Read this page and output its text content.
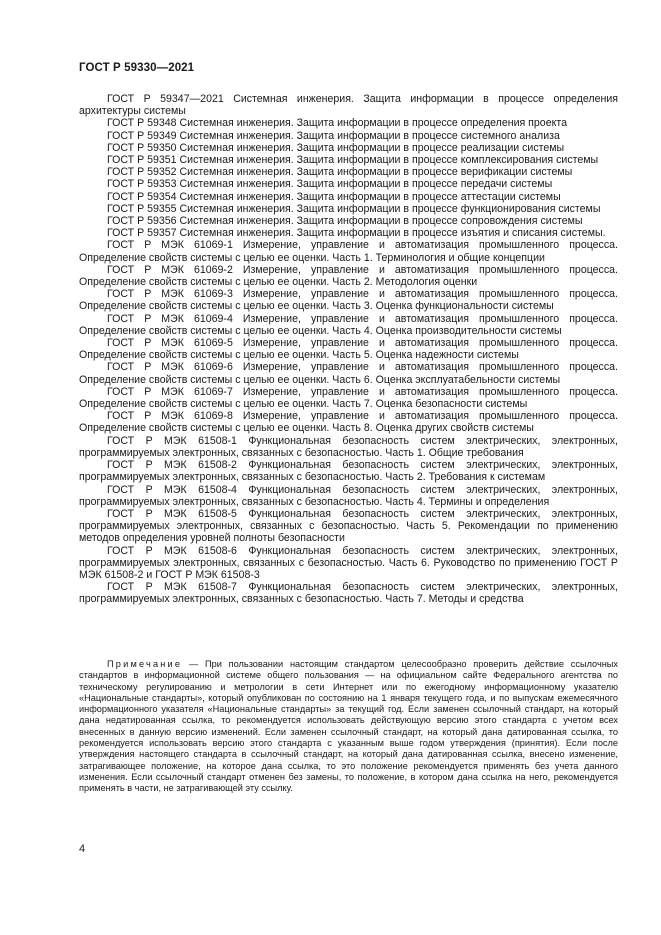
ГОСТ Р 59330—2021

ГОСТ Р 59347—2021 Системная инженерия. Защита информации в процессе определения архитектуры системы

ГОСТ Р 59348 Системная инженерия. Защита информации в процессе определения проекта

ГОСТ Р 59349 Системная инженерия. Защита информации в процессе системного анализа

ГОСТ Р 59350 Системная инженерия. Защита информации в процессе реализации системы

ГОСТ Р 59351 Системная инженерия. Защита информации в процессе комплексирования системы

ГОСТ Р 59352 Системная инженерия. Защита информации в процессе верификации системы

ГОСТ Р 59353 Системная инженерия. Защита информации в процессе передачи системы

ГОСТ Р 59354 Системная инженерия. Защита информации в процессе аттестации системы

ГОСТ Р 59355 Системная инженерия. Защита информации в процессе функционирования системы

ГОСТ Р 59356 Системная инженерия. Защита информации в процессе сопровождения системы

ГОСТ Р 59357 Системная инженерия. Защита информации в процессе изъятия и списания системы.

ГОСТ Р МЭК 61069-1 Измерение, управление и автоматизация промышленного процесса. Определение свойств системы с целью ее оценки. Часть 1. Терминология и общие концепции

ГОСТ Р МЭК 61069-2 Измерение, управление и автоматизация промышленного процесса. Определение свойств системы с целью ее оценки. Часть 2. Методология оценки

ГОСТ Р МЭК 61069-3 Измерение, управление и автоматизация промышленного процесса. Определение свойств системы с целью ее оценки. Часть 3. Оценка функциональности системы

ГОСТ Р МЭК 61069-4 Измерение, управление и автоматизация промышленного процесса. Определение свойств системы с целью ее оценки. Часть 4. Оценка производительности системы

ГОСТ Р МЭК 61069-5 Измерение, управление и автоматизация промышленного процесса. Определение свойств системы с целью ее оценки. Часть 5. Оценка надежности системы

ГОСТ Р МЭК 61069-6 Измерение, управление и автоматизация промышленного процесса. Определение свойств системы с целью ее оценки. Часть 6. Оценка эксплуатабельности системы

ГОСТ Р МЭК 61069-7 Измерение, управление и автоматизация промышленного процесса. Определение свойств системы с целью ее оценки. Часть 7. Оценка безопасности системы

ГОСТ Р МЭК 61069-8 Измерение, управление и автоматизация промышленного процесса. Определение свойств системы с целью ее оценки. Часть 8. Оценка других свойств системы

ГОСТ Р МЭК 61508-1 Функциональная безопасность систем электрических, электронных, программируемых электронных, связанных с безопасностью. Часть 1. Общие требования

ГОСТ Р МЭК 61508-2 Функциональная безопасность систем электрических, электронных, программируемых электронных, связанных с безопасностью. Часть 2. Требования к системам

ГОСТ Р МЭК 61508-4 Функциональная безопасность систем электрических, электронных, программируемых электронных, связанных с безопасностью. Часть 4. Термины и определения

ГОСТ Р МЭК 61508-5 Функциональная безопасность систем электрических, электронных, программируемых электронных, связанных с безопасностью. Часть 5. Рекомендации по применению методов определения уровней полноты безопасности

ГОСТ Р МЭК 61508-6 Функциональная безопасность систем электрических, электронных, программируемых электронных, связанных с безопасностью. Часть 6. Руководство по применению ГОСТ Р МЭК 61508-2 и ГОСТ Р МЭК 61508-3

ГОСТ Р МЭК 61508-7 Функциональная безопасность систем электрических, электронных, программируемых электронных, связанных с безопасностью. Часть 7. Методы и средства

Примечание — При пользовании настоящим стандартом целесообразно проверить действие ссылочных стандартов в информационной системе общего пользования — на официальном сайте Федерального агентства по техническому регулированию и метрологии в сети Интернет или по ежегодному информационному указателю «Национальные стандарты», который опубликован по состоянию на 1 января текущего года, и по выпускам ежемесячного информационного указателя «Национальные стандарты» за текущий год. Если заменен ссылочный стандарт, на который дана недатированная ссылка, то рекомендуется использовать действующую версию этого стандарта с учетом всех внесенных в данную версию изменений. Если заменен ссылочный стандарт, на который дана датированная ссылка, то рекомендуется использовать версию этого стандарта с указанным выше годом утверждения (принятия). Если после утверждения настоящего стандарта в ссылочный стандарт, на который дана датированная ссылка, внесено изменение, затрагивающее положение, на которое дана ссылка, то это положение рекомендуется применять без учета данного изменения. Если ссылочный стандарт отменен без замены, то положение, в котором дана ссылка на него, рекомендуется применять в части, не затрагивающей эту ссылку.

4
